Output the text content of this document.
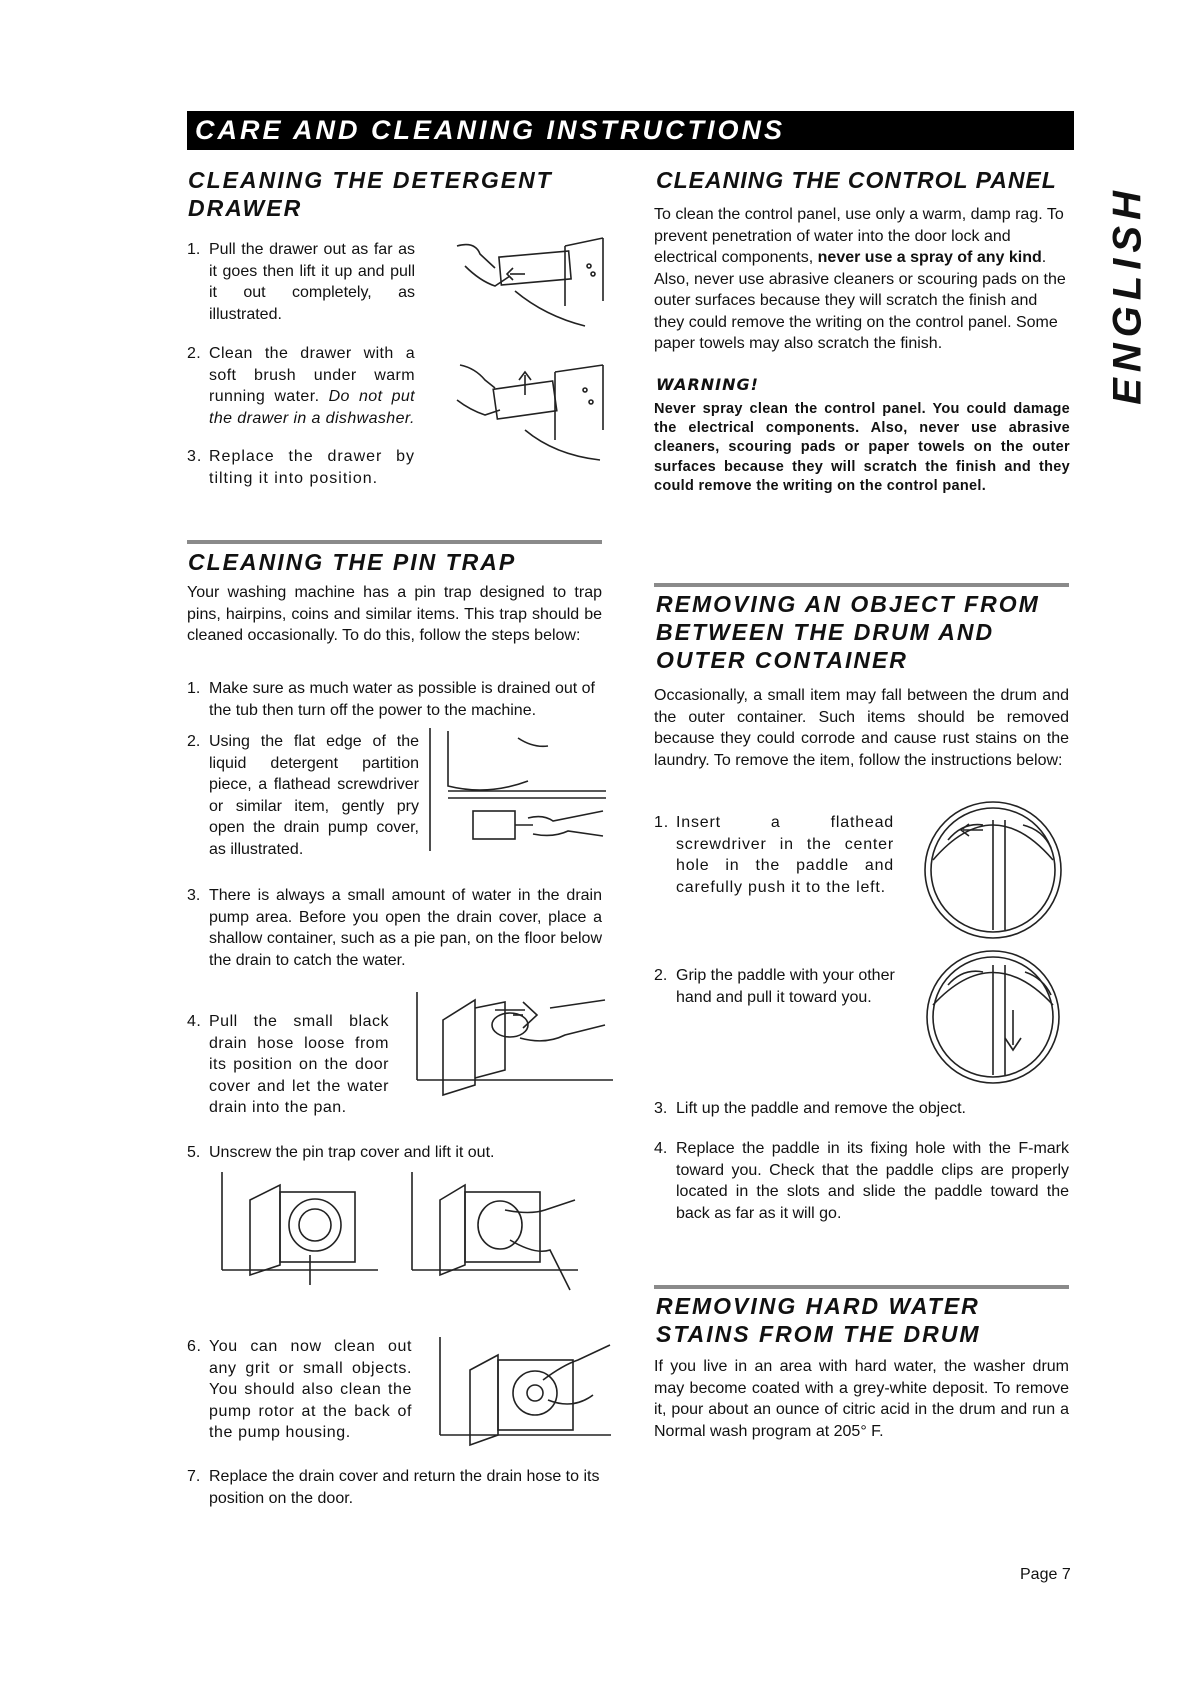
CARE AND CLEANING INSTRUCTIONS
ENGLISH
CLEANING THE DETERGENT DRAWER
1. Pull the drawer out as far as it goes then lift it up and pull it out completely, as illustrated.
2. Clean the drawer with a soft brush under warm running water. Do not put the drawer in a dishwasher.
3. Replace the drawer by tilting it into position.
CLEANING THE PIN TRAP

Your washing machine has a pin trap designed to trap pins, hairpins, coins and similar items. This trap should be cleaned occasionally. To do this, follow the steps below:

1. Make sure as much water as possible is drained out of the tub then turn off the power to the machine.
2. Using the flat edge of the liquid detergent partition piece, a flathead screwdriver or similar item, gently pry open the drain pump cover, as illustrated.
3. There is always a small amount of water in the drain pump area. Before you open the drain cover, place a shallow container, such as a pie pan, on the floor below the drain to catch the water.
4. Pull the small black drain hose loose from its position on the door cover and let the water drain into the pan.
5. Unscrew the pin trap cover and lift it out.
6. You can now clean out any grit or small objects. You should also clean the pump rotor at the back of the pump housing.
7. Replace the drain cover and return the drain hose to its position on the door.
CLEANING THE CONTROL PANEL

To clean the control panel, use only a warm, damp rag. To prevent penetration of water into the door lock and electrical components, never use a spray of any kind. Also, never use abrasive cleaners or scouring pads on the outer surfaces because they will scratch the finish and they could remove the writing on the control panel. Some paper towels may also scratch the finish.

WARNING!

Never spray clean the control panel. You could damage the electrical components. Also, never use abrasive cleaners, scouring pads or paper towels on the outer surfaces because they will scratch the finish and they could remove the writing on the control panel.

REMOVING AN OBJECT FROM BETWEEN THE DRUM AND OUTER CONTAINER

Occasionally, a small item may fall between the drum and the outer container. Such items should be removed because they could corrode and cause rust stains on the laundry. To remove the item, follow the instructions below:

1. Insert a flathead screwdriver in the center hole in the paddle and carefully push it to the left.
2. Grip the paddle with your other hand and pull it toward you.
3. Lift up the paddle and remove the object.
4. Replace the paddle in its fixing hole with the F-mark toward you. Check that the paddle clips are properly located in the slots and slide the paddle toward the back as far as it will go.
REMOVING HARD WATER STAINS FROM THE DRUM

If you live in an area with hard water, the washer drum may become coated with a grey-white deposit. To remove it, pour about an ounce of citric acid in the drum and run a Normal wash program at 205° F.

Page 7
